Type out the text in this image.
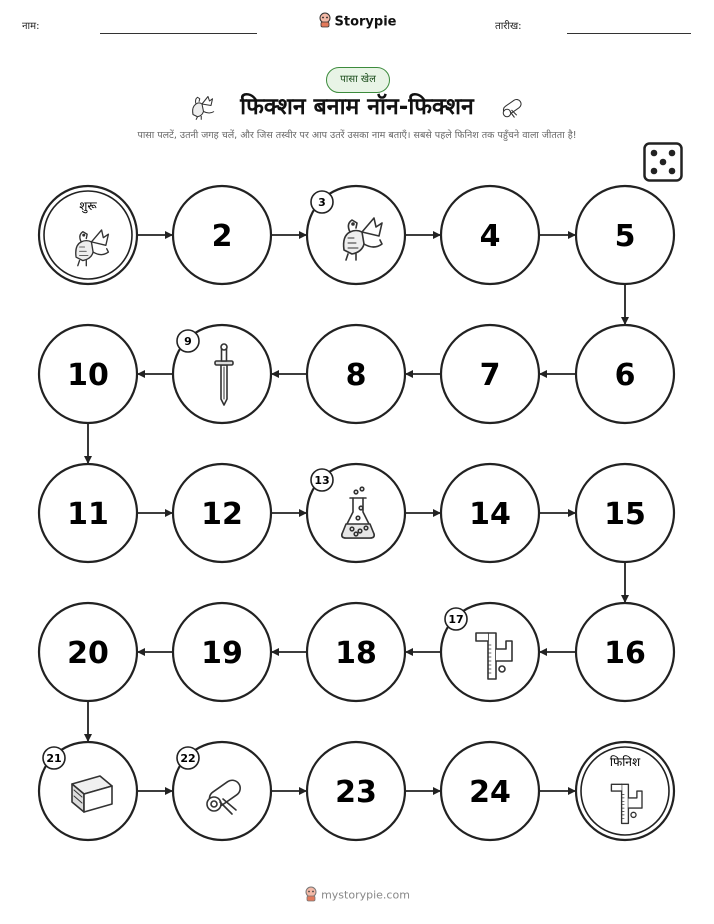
नाम:	Storypie	तारीख:
पासा खेल
फिक्शन बनाम नॉन-फिक्शन
पासा पलटें, उतनी जगह चलें, और जिस तस्वीर पर आप उतरें उसका नाम बताएँ। सबसे पहले फिनिश तक पहुँचने वाला जीतता है!
शुरू
2
3
4	5
6
7
8
9
10
11	12
13
14	15
16
17
18
19
20
21	22
23	24
फिनिश
mystorypie.com
